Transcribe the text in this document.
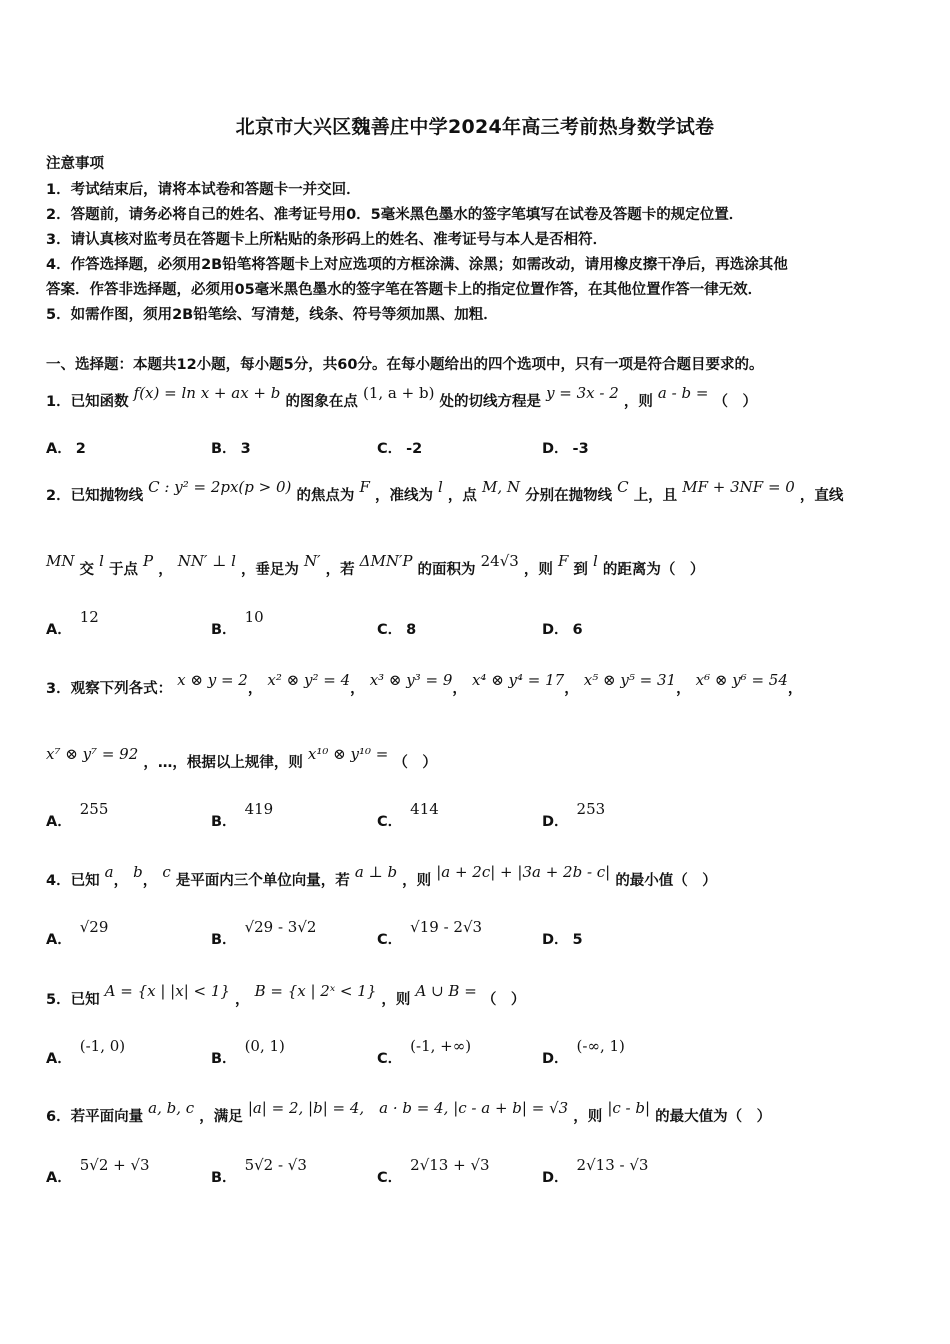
北京市大兴区魏善庄中学2024年高三考前热身数学试卷
注意事项
1．考试结束后，请将本试卷和答题卡一并交回．
2．答题前，请务必将自己的姓名、准考证号用0．5毫米黑色墨水的签字笔填写在试卷及答题卡的规定位置．
3．请认真核对监考员在答题卡上所粘贴的条形码上的姓名、准考证号与本人是否相符．
4．作答选择题，必须用2B铅笔将答题卡上对应选项的方框涂满、涂黑；如需改动，请用橡皮擦干净后，再选涂其他
答案．作答非选择题，必须用05毫米黑色墨水的签字笔在答题卡上的指定位置作答，在其他位置作答一律无效．
5．如需作图，须用2B铅笔绘、写清楚，线条、符号等须加黑、加粗．
一、选择题：本题共12小题，每小题5分，共60分。在每小题给出的四个选项中，只有一项是符合题目要求的。
1．已知函数 f(x) = ln x + ax + b 的图象在点 (1, a + b) 处的切线方程是 y = 3x - 2 ，则 a - b = （　）
A． 2	B． 3	C． -2	D． -3
2．已知抛物线 C : y² = 2px(p > 0) 的焦点为 F ，准线为 l ，点 M, N 分别在抛物线 C 上，且 MF + 3NF = 0 ，直线
MN 交 l 于点 P ， NN′ ⊥ l ，垂足为 N′ ，若 ΔMN′P 的面积为 24√3 ，则 F 到 l 的距离为（　）
A．12
B．10
C． 8	D． 6
3．观察下列各式： x ⊗ y = 2， x² ⊗ y² = 4， x³ ⊗ y³ = 9， x⁴ ⊗ y⁴ = 17， x⁵ ⊗ y⁵ = 31， x⁶ ⊗ y⁶ = 54，
x⁷ ⊗ y⁷ = 92 ，…，根据以上规律，则 x¹⁰ ⊗ y¹⁰ = （　）
A．255
B．419
C．414
D．253
4．已知 a， b， c 是平面内三个单位向量，若 a ⊥ b ，则 |a + 2c| + |3a + 2b - c| 的最小值（　）
A．√29
B．√29 - 3√2
C．√19 - 2√3
D． 5
5．已知 A = {x | |x| < 1} ， B = {x | 2ˣ < 1} ，则 A ∪ B = （　）
A．(-1, 0)
B．(0, 1)
C．(-1, +∞)
D．(-∞, 1)
6．若平面向量 a, b, c ，满足 |a| = 2, |b| = 4,　a · b = 4, |c - a + b| = √3 ，则 |c - b| 的最大值为（　）
A．5√2 + √3
B．5√2 - √3
C．2√13 + √3
D．2√13 - √3
